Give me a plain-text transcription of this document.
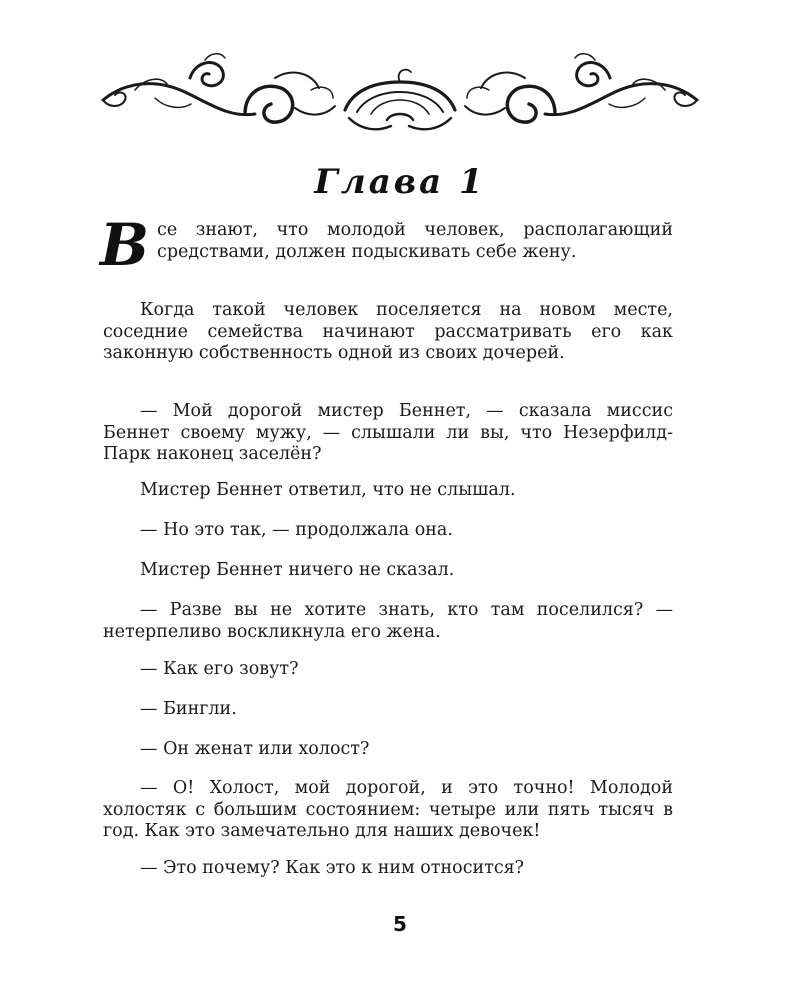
Глава 1
Все знают, что молодой человек, располагающий средствами, должен подыскивать себе жену.
Когда такой человек поселяется на новом месте, соседние семейства начинают рассматривать его как законную собственность одной из своих дочерей.
— Мой дорогой мистер Беннет, — сказала миссис Беннет своему мужу, — слышали ли вы, что Незерфилд-Парк наконец заселён?
Мистер Беннет ответил, что не слышал.
— Но это так, — продолжала она.
Мистер Беннет ничего не сказал.
— Разве вы не хотите знать, кто там поселился? — нетерпеливо воскликнула его жена.
— Как его зовут?
— Бингли.
— Он женат или холост?
— О! Холост, мой дорогой, и это точно! Молодой холостяк с большим состоянием: четыре или пять тысяч в год. Как это замечательно для наших девочек!
— Это почему? Как это к ним относится?
5
